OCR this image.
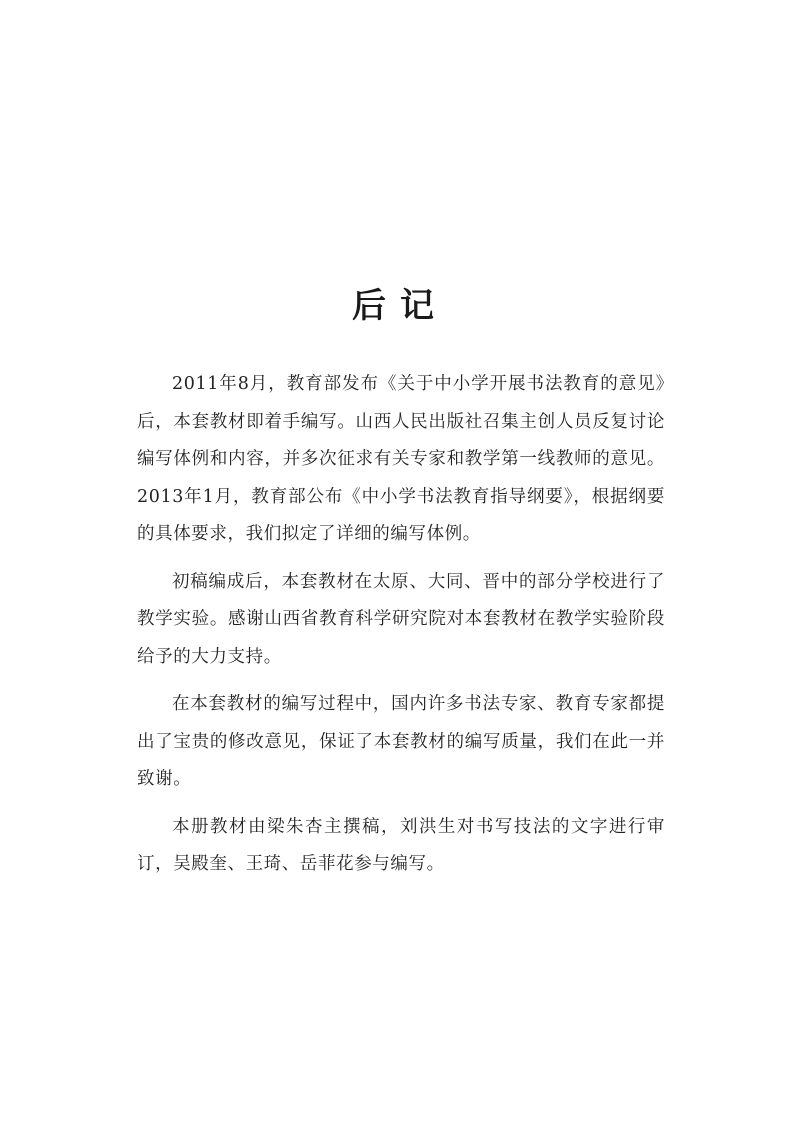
后记

2011年8月，教育部发布《关于中小学开展书法教育的意见》后，本套教材即着手编写。山西人民出版社召集主创人员反复讨论编写体例和内容，并多次征求有关专家和教学第一线教师的意见。2013年1月，教育部公布《中小学书法教育指导纲要》，根据纲要的具体要求，我们拟定了详细的编写体例。

初稿编成后，本套教材在太原、大同、晋中的部分学校进行了教学实验。感谢山西省教育科学研究院对本套教材在教学实验阶段给予的大力支持。

在本套教材的编写过程中，国内许多书法专家、教育专家都提出了宝贵的修改意见，保证了本套教材的编写质量，我们在此一并致谢。

本册教材由梁朱杏主撰稿，刘洪生对书写技法的文字进行审订，吴殿奎、王琦、岳菲花参与编写。
